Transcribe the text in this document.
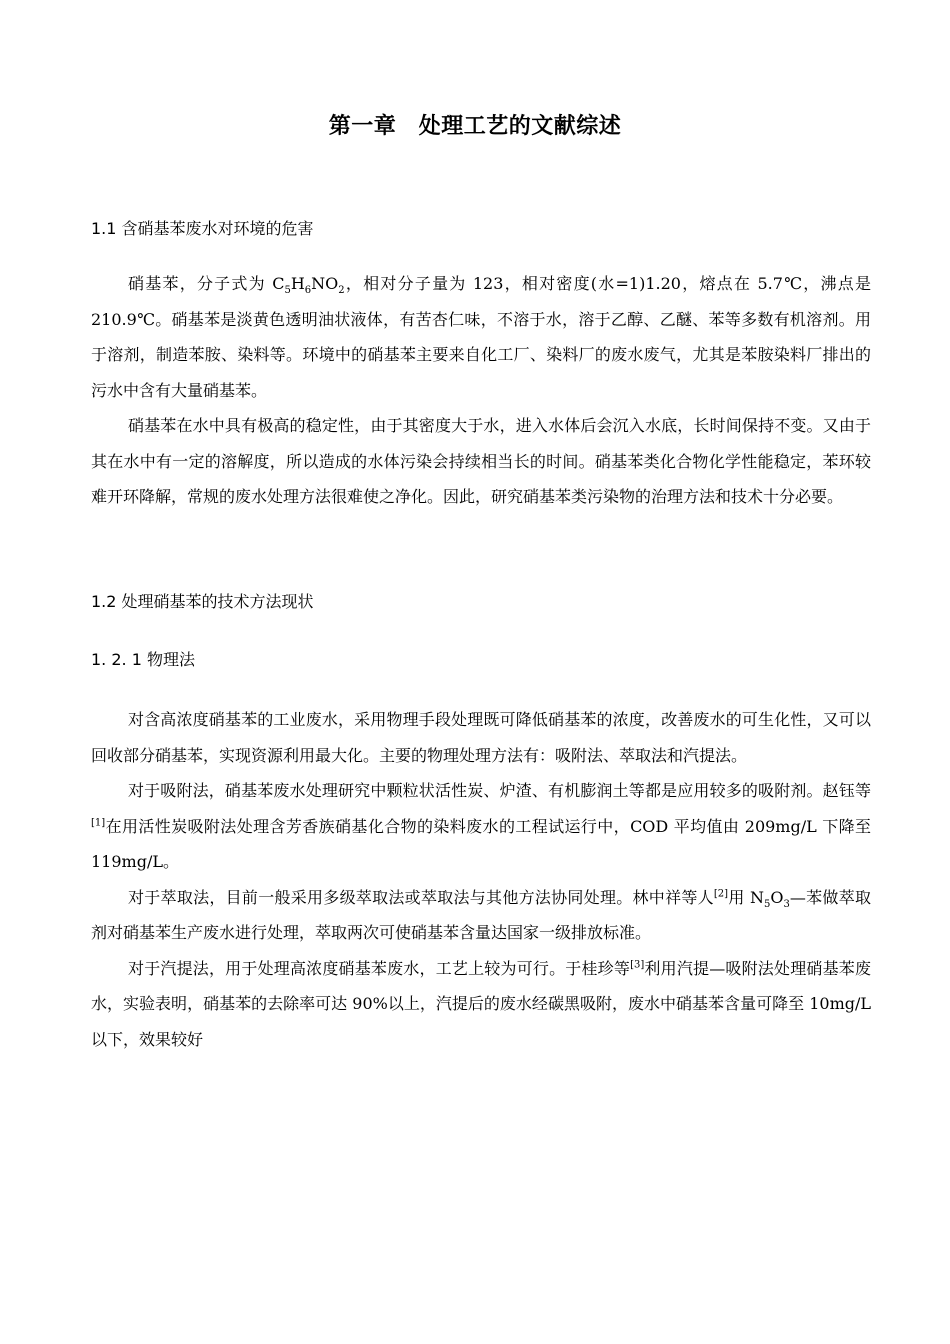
第一章　处理工艺的文献综述
1.1 含硝基苯废水对环境的危害

硝基苯，分子式为 $C_5H_6NO_2$，相对分子量为 123，相对密度(水=1)1.20，熔点在 5.7℃，沸点是 210.9℃。硝基苯是淡黄色透明油状液体，有苦杏仁味，不溶于水，溶于乙醇、乙醚、苯等多数有机溶剂。用于溶剂，制造苯胺、染料等。环境中的硝基苯主要来自化工厂、染料厂的废水废气，尤其是苯胺染料厂排出的污水中含有大量硝基苯。

硝基苯在水中具有极高的稳定性，由于其密度大于水，进入水体后会沉入水底，长时间保持不变。又由于其在水中有一定的溶解度，所以造成的水体污染会持续相当长的时间。硝基苯类化合物化学性能稳定，苯环较难开环降解，常规的废水处理方法很难使之净化。因此，研究硝基苯类污染物的治理方法和技术十分必要。

1.2 处理硝基苯的技术方法现状
1. 2. 1 物理法

对含高浓度硝基苯的工业废水，采用物理手段处理既可降低硝基苯的浓度，改善废水的可生化性，又可以回收部分硝基苯，实现资源利用最大化。主要的物理处理方法有：吸附法、萃取法和汽提法。

对于吸附法，硝基苯废水处理研究中颗粒状活性炭、炉渣、有机膨润土等都是应用较多的吸附剂。赵钰等[1]在用活性炭吸附法处理含芳香族硝基化合物的染料废水的工程试运行中，COD 平均值由 209mg/L 下降至 119mg/L。

对于萃取法，目前一般采用多级萃取法或萃取法与其他方法协同处理。林中祥等人[2]用 $N_5O_3—$苯做萃取剂对硝基苯生产废水进行处理，萃取两次可使硝基苯含量达国家一级排放标准。

对于汽提法，用于处理高浓度硝基苯废水，工艺上较为可行。于桂珍等[3]利用汽提—吸附法处理硝基苯废水，实验表明，硝基苯的去除率可达 90%以上，汽提后的废水经碳黑吸附，废水中硝基苯含量可降至 10mg/L 以下，效果较好
